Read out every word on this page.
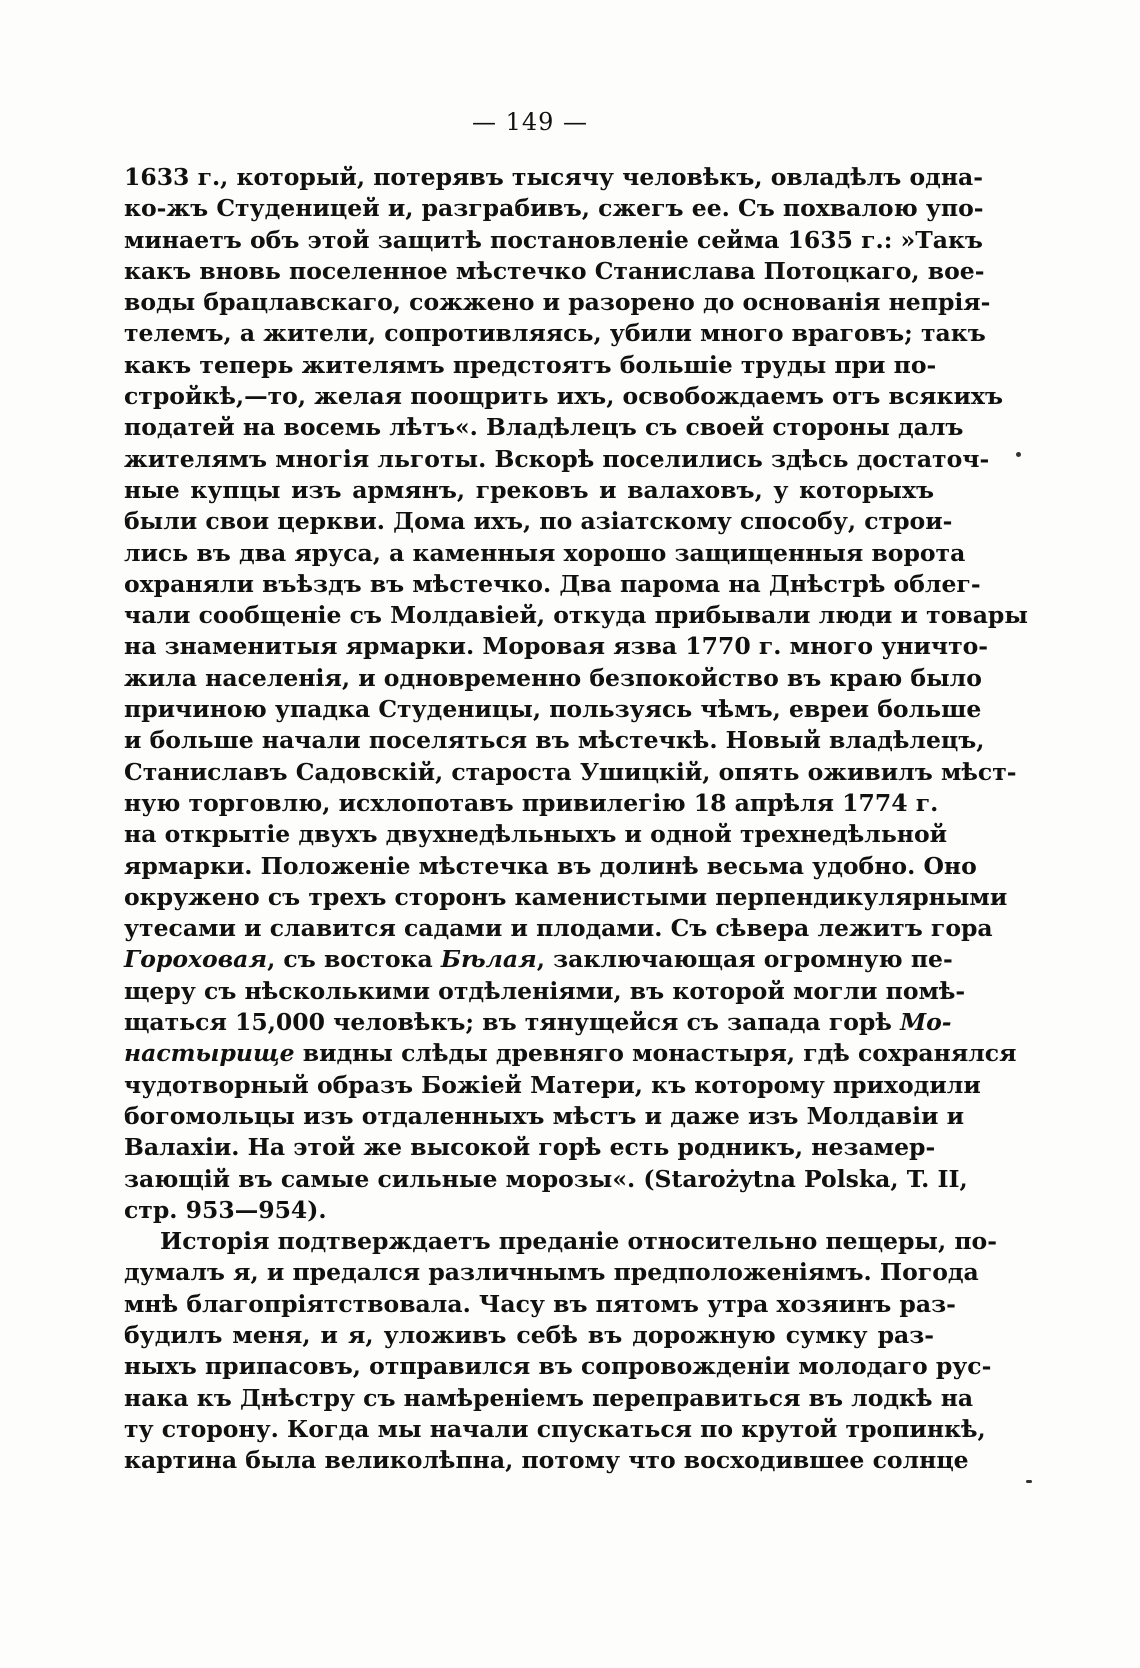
— 149 —
1633 г., который, потерявъ тысячу человѣкъ, овладѣлъ одна-
ко-жъ Студеницей и, разграбивъ, сжегъ ее. Съ похвалою упо-
минаетъ объ этой защитѣ постановленіе сейма 1635 г.: »Такъ
какъ вновь поселенное мѣстечко Станислава Потоцкаго, вое-
воды брацлавскаго, сожжено и разорено до основанія непрія-
телемъ, а жители, сопротивляясь, убили много враговъ; такъ
какъ теперь жителямъ предстоятъ большіе труды при по-
стройкѣ,—то, желая поощрить ихъ, освобождаемъ отъ всякихъ
податей на восемь лѣтъ«. Владѣлецъ съ своей стороны далъ
жителямъ многія льготы. Вскорѣ поселились здѣсь достаточ-
ные купцы изъ армянъ, грековъ и валаховъ, у которыхъ
были свои церкви. Дома ихъ, по азіатскому способу, строи-
лись въ два яруса, а каменныя хорошо защищенныя ворота
охраняли въѣздъ въ мѣстечко. Два парома на Днѣстрѣ облег-
чали сообщеніе съ Молдавіей, откуда прибывали люди и товары
на знаменитыя ярмарки. Моровая язва 1770 г. много уничто-
жила населенія, и одновременно безпокойство въ краю было
причиною упадка Студеницы, пользуясь чѣмъ, евреи больше
и больше начали поселяться въ мѣстечкѣ. Новый владѣлецъ,
Станиславъ Садовскій, староста Ушицкій, опять оживилъ мѣст-
ную торговлю, исхлопотавъ привилегію 18 апрѣля 1774 г.
на открытіе двухъ двухнедѣльныхъ и одной трехнедѣльной
ярмарки. Положеніе мѣстечка въ долинѣ весьма удобно. Оно
окружено съ трехъ сторонъ каменистыми перпендикулярными
утесами и славится садами и плодами. Съ сѣвера лежитъ гора
Гороховая, съ востока Бѣлая, заключающая огромную пе-
щеру съ нѣсколькими отдѣленіями, въ которой могли помѣ-
щаться 15,000 человѣкъ; въ тянущейся съ запада горѣ Мо-
настырище видны слѣды древняго монастыря, гдѣ сохранялся
чудотворный образъ Божіей Матери, къ которому приходили
богомольцы изъ отдаленныхъ мѣстъ и даже изъ Молдавіи и
Валахіи. На этой же высокой горѣ есть родникъ, незамер-
зающій въ самые сильные морозы«. (Starożytna Polska, T. II,
стр. 953—954).
Исторія подтверждаетъ преданіе относительно пещеры, по-
думалъ я, и предался различнымъ предположеніямъ. Погода
мнѣ благопріятствовала. Часу въ пятомъ утра хозяинъ раз-
будилъ меня, и я, уложивъ себѣ въ дорожную сумку раз-
ныхъ припасовъ, отправился въ сопровожденіи молодаго рус-
нака къ Днѣстру съ намѣреніемъ переправиться въ лодкѣ на
ту сторону. Когда мы начали спускаться по крутой тропинкѣ,
картина была великолѣпна, потому что восходившее солнце
